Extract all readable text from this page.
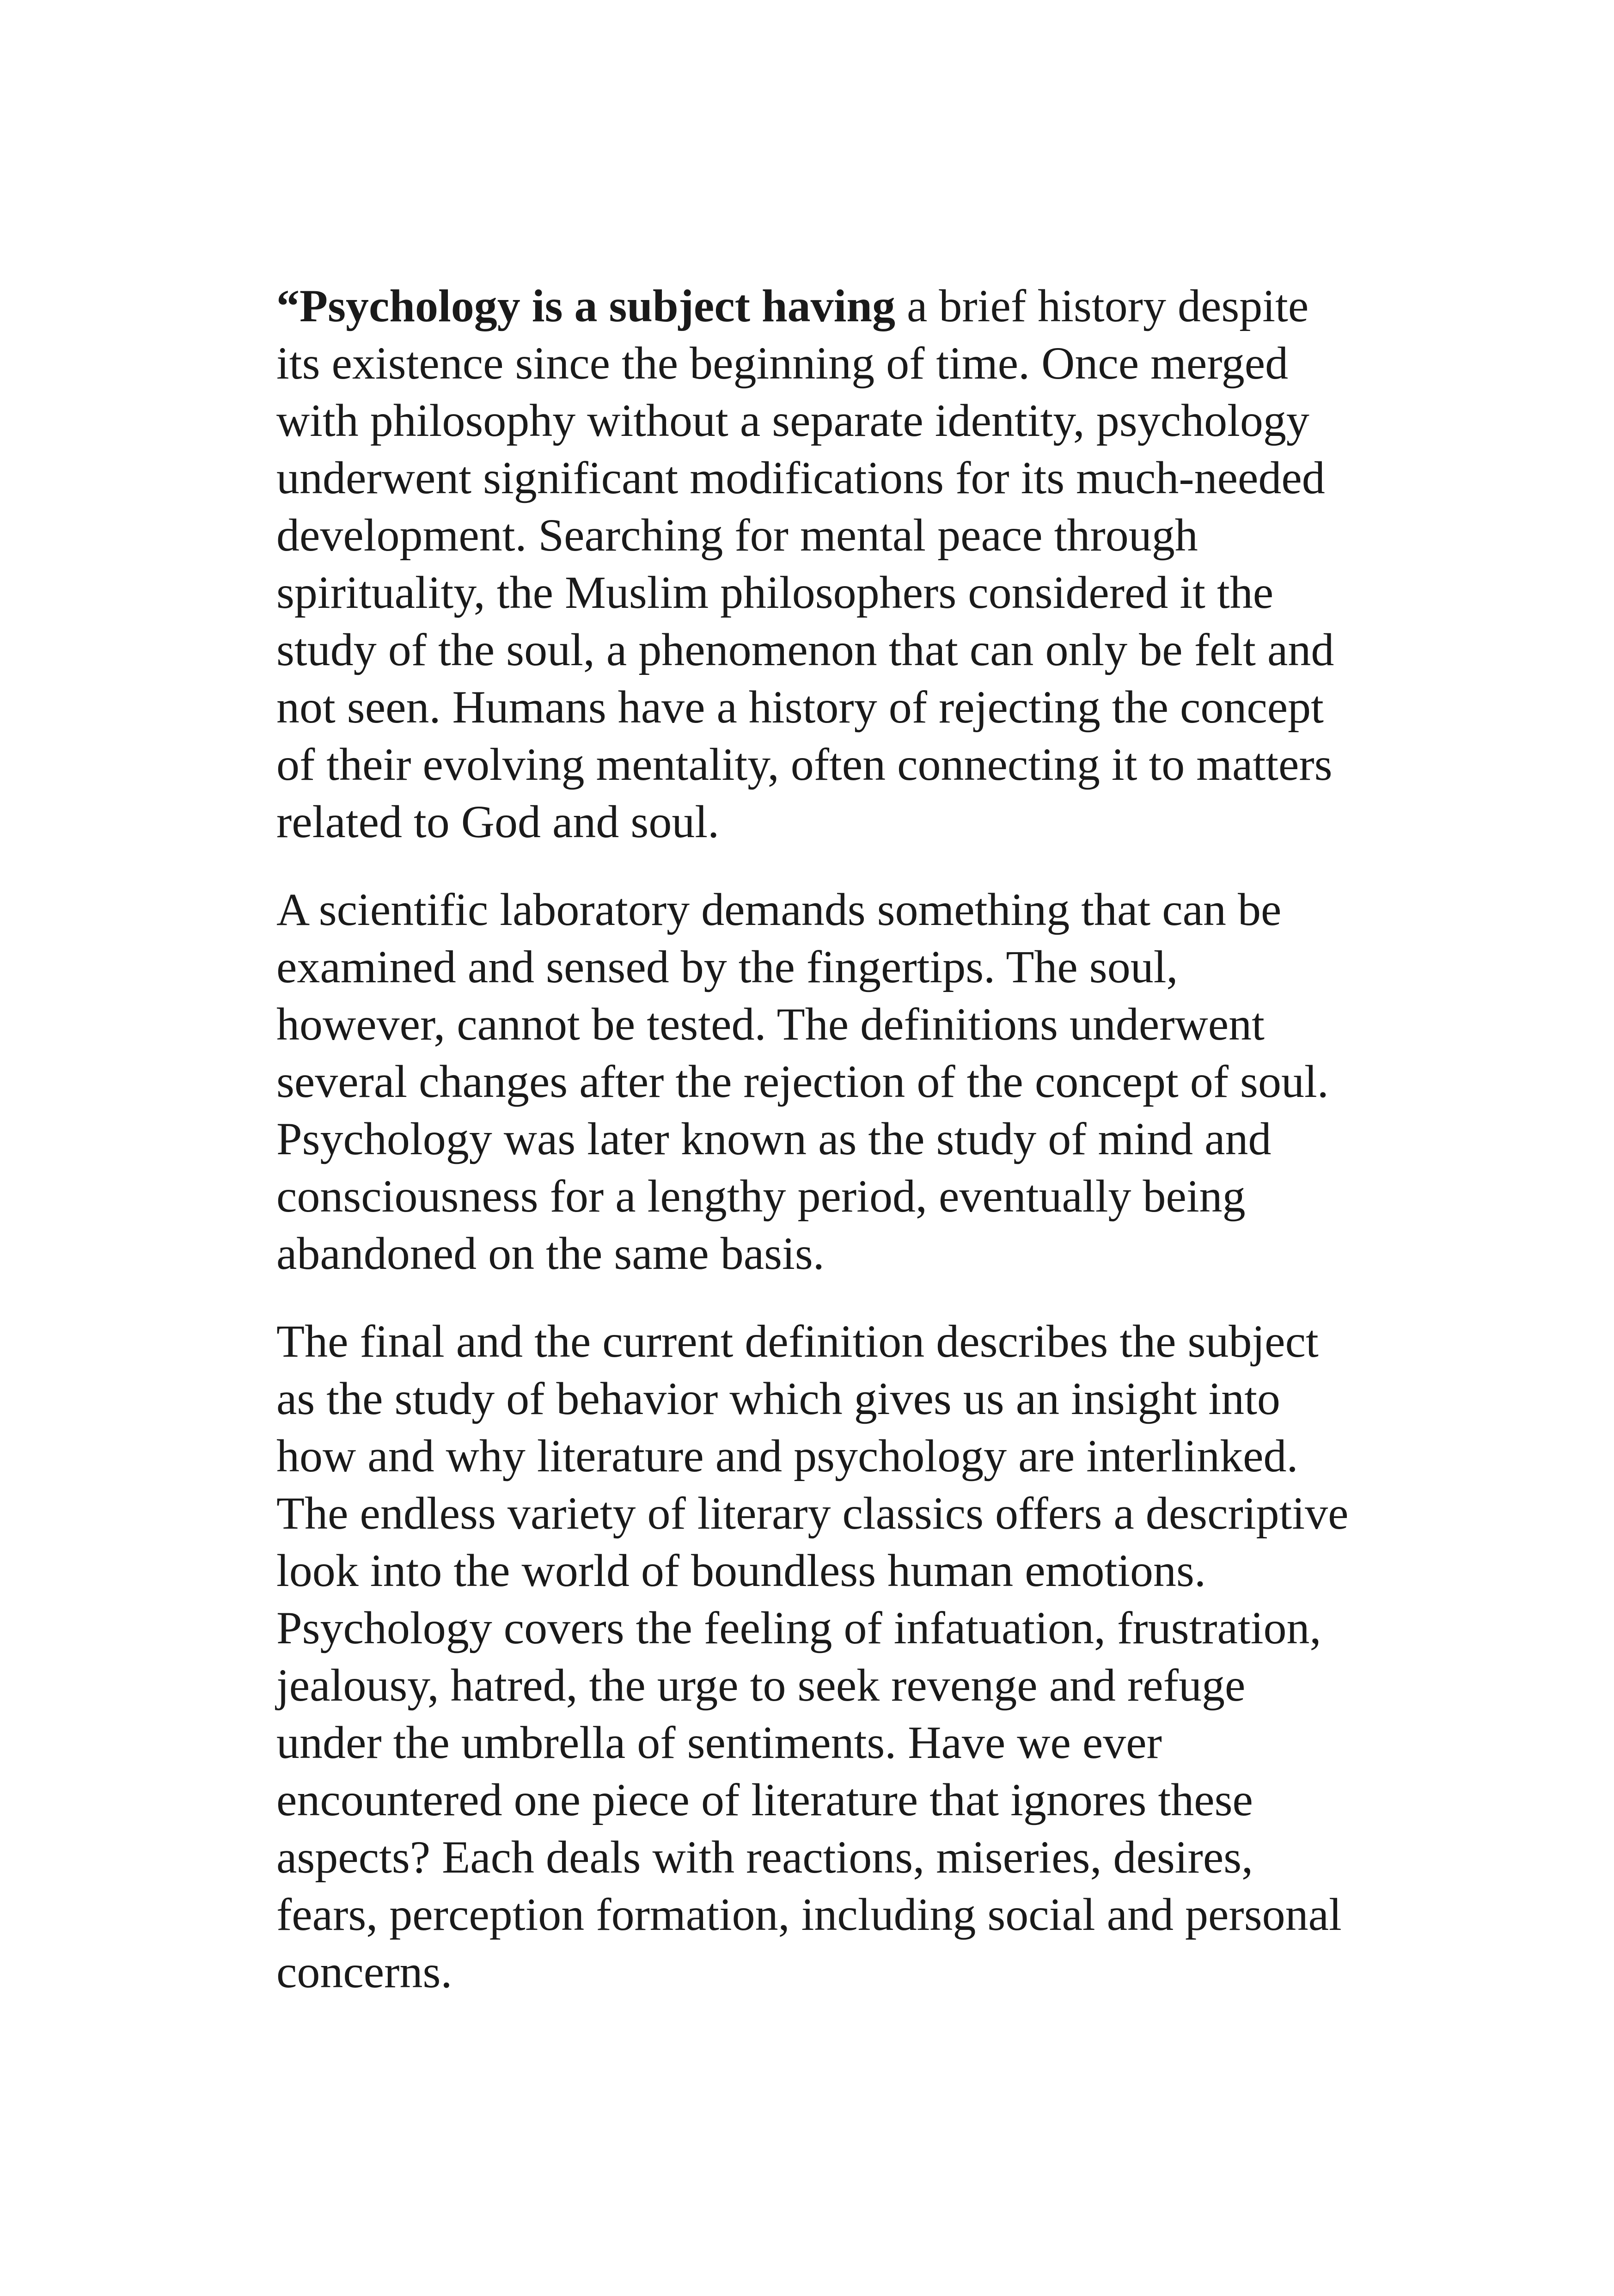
“Psychology is a subject having a brief history despite its existence since the beginning of time. Once merged with philosophy without a separate identity, psychology underwent significant modifications for its much-needed development. Searching for mental peace through spirituality, the Muslim philosophers considered it the study of the soul, a phenomenon that can only be felt and not seen. Humans have a history of rejecting the concept of their evolving mentality, often connecting it to matters related to God and soul.

A scientific laboratory demands something that can be examined and sensed by the fingertips. The soul, however, cannot be tested. The definitions underwent several changes after the rejection of the concept of soul. Psychology was later known as the study of mind and consciousness for a lengthy period, eventually being abandoned on the same basis.

The final and the current definition describes the subject as the study of behavior which gives us an insight into how and why literature and psychology are interlinked. The endless variety of literary classics offers a descriptive look into the world of boundless human emotions. Psychology covers the feeling of infatuation, frustration, jealousy, hatred, the urge to seek revenge and refuge under the umbrella of sentiments. Have we ever encountered one piece of literature that ignores these aspects? Each deals with reactions, miseries, desires, fears, perception formation, including social and personal concerns.
